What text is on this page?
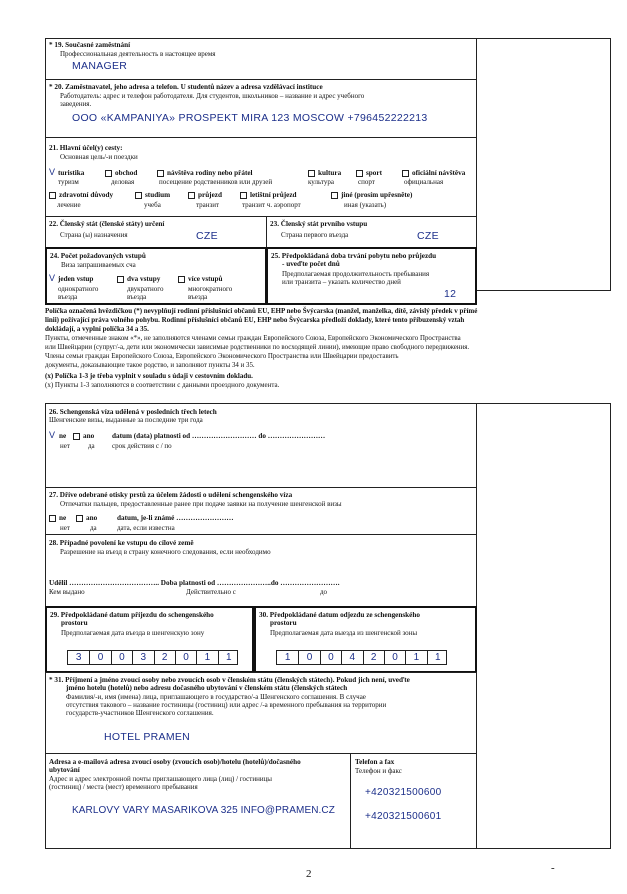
* 19. Současné zaměstnání
Профессиональная деятельность в настоящее время
MANAGER
* 20. Zaměstnavatel, jeho adresa a telefon. U studentů název a adresa vzdělávací instituce
Работодатель: адрес и телефон работодателя. Для студентов, школьников – название и адрес учебного
заведения.
ООО «KAMPANIYA» PROSPEKT MIRA 123 MOSCOW +796452222213
21. Hlavní účel(y) cesty:
Основная цель/-и поездки
V turistika
туризм
obchod
деловая
návštěva rodiny nebo přátel
посещение родственников или друзей
kultura
культура
sport
спорт
oficiální návštěva
официальная
zdravotní důvody
лечение
studium
учеба
průjezd
транзит
letištní průjezd
транзит ч. аэропорт
jiné (prosím upřesněte)
иная (указать)
22. Členský stát (členské státy) určení
Страна (ы) назначения	CZE
23. Členský stát prvního vstupu
Страна первого въезда	CZE
24. Počet požadovaných vstupů
Виза запрашиваемых сча
V jeden vstup
однократного
въезда
dva vstupy
двукратного
въезда
více vstupů
многократного
въезда
25. Předpokládaná doba trvání pobytu nebo průjezdu
- uveďte počet dnů
Предполагаемая продолжительность пребывания
или транзита – указать количество дней
12
Políčka označená hvězdičkou (*) nevyplňují rodinní příslušníci občanů EU, EHP nebo Švýcarska (manžel, manželka, dítě, závislý předek v přímé
linii) požívající práva volného pohybu. Rodinní příslušníci občanů EU, EHP nebo Švýcarska předloží doklady, které tento příbuzenský vztah
dokládají, a vyplní políčka 34 a 35.
Пункты, отмеченные знаком «*», не заполняются членами семьи граждан Европейского Союза, Европейского Экономического Пространства
или Швейцарии (супруг/-а, дети или экономически зависимые родственники по восходящей линии), имеющие право свободного передвижения.
Члены семьи граждан Европейского Союза, Европейского Экономического Пространства или Швейцарии предоставить
документы, доказывающие такое родство, и заполняют пункты 34 и 35.
(x) Políčka 1-3 je třeba vyplnit v souladu s údaji v cestovním dokladu.
(x) Пункты 1-3 заполняются в соответствии с данными проездного документа.
26. Schengenská víza udělená v posledních třech letech
Шенгенские визы, выданные за последние три года
V ne ano datum (data) platnosti od ……………………… do ……………………
нет	да срок действия с / по
27. Dříve odebrané otisky prstů za účelem žádosti o udělení schengenského víza
Отпечатки пальцев, предоставленные ранее при подаче заявки на получение шенгенской визы
ne	ano	datum, je-li známé ……………………
нет	да	дата, если известна
28. Případné povolení ke vstupu do cílové země
Разрешение на въезд в страну конечного следования, если необходимо
Udělil ……………………………….. Doba platnosti od …………………..do …………………….
Кем выдано	Действительно с	до
29. Předpokládané datum příjezdu do schengenského
prostoru
Предполагаемая дата въезда в шенгенскую зону
3	0	0	3	2	0	1	1
30. Předpokládané datum odjezdu ze schengenského
prostoru
Предполагаемая дата выезда из шенгенской зоны
1	0	0	4	2	0	1	1
* 31. Příjmení a jméno zvoucí osoby nebo zvoucích osob v členském státu (členských státech). Pokud jich není, uveďte
jméno hotelu (hotelů) nebo adresu dočasného ubytování v členském státu (členských státech
Фамилия/-и, имя (имена) лица, приглашающего в государство/-а Шенгенского соглашения. В случае
отсутствия такового – название гостиницы (гостиниц) или адрес /-а временного пребывания на территории
государств-участников Шенгенского соглашения.
HOTEL PRAMEN
Adresa a e-mailová adresa zvoucí osoby (zvoucích osob)/hotelu (hotelů)/dočasného
ubytování
Адрес и адрес электронной почты приглашающего лица (лиц) / гостиницы
(гостиниц) / места (мест) временного пребывания
KARLOVY VARY MASARIKOVA 325 INFO@PRAMEN.CZ
Telefon a fax
Телефон и факс
+420321500600
+420321500601
2	-
